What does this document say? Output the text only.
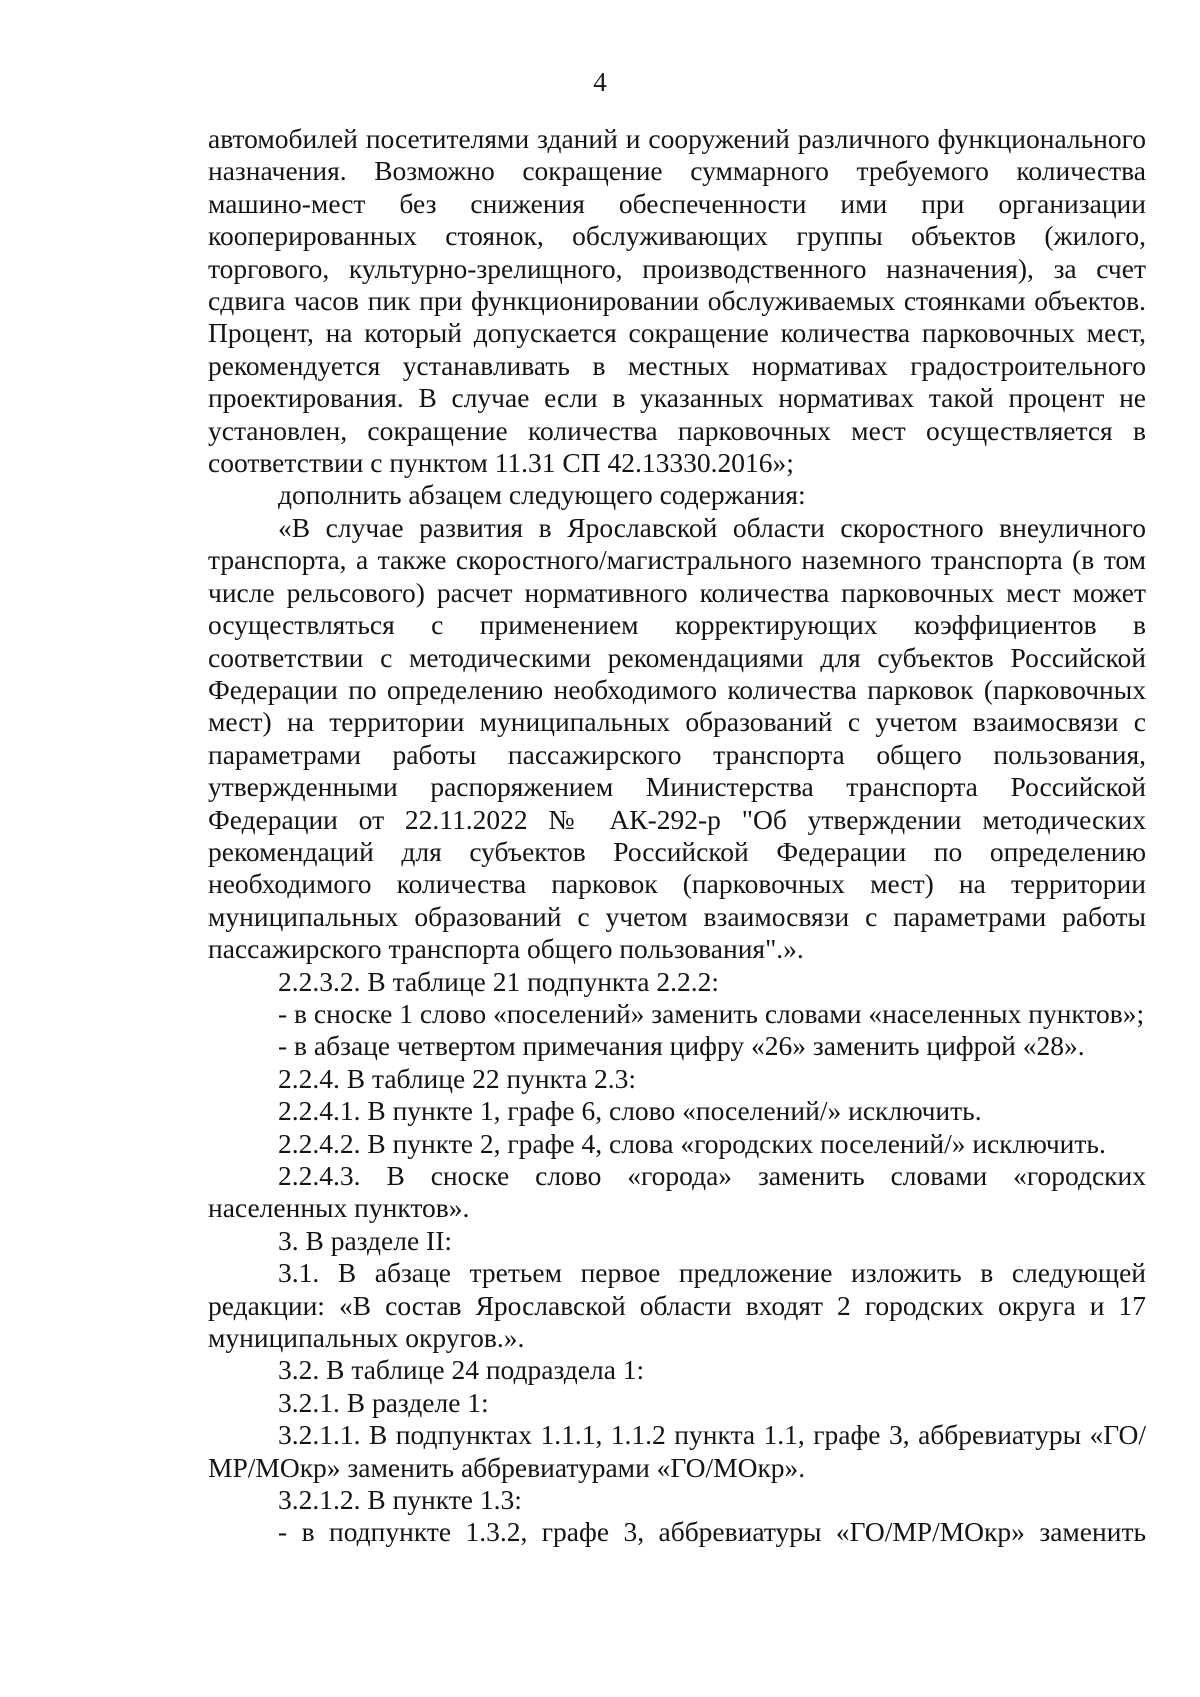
4

автомобилей посетителями зданий и сооружений различного функционального назначения. Возможно сокращение суммарного требуемого количества машино-мест без снижения обеспеченности ими при организации кооперированных стоянок, обслуживающих группы объектов (жилого, торгового, культурно-зрелищного, производственного назначения), за счет сдвига часов пик при функционировании обслуживаемых стоянками объектов. Процент, на который допускается сокращение количества парковочных мест, рекомендуется устанавливать в местных нормативах градостроительного проектирования. В случае если в указанных нормативах такой процент не установлен, сокращение количества парковочных мест осуществляется в соответствии с пунктом 11.31 СП 42.13330.2016»;

дополнить абзацем следующего содержания:

«В случае развития в Ярославской области скоростного внеуличного транспорта, а также скоростного/магистрального наземного транспорта (в том числе рельсового) расчет нормативного количества парковочных мест может осуществляться с применением корректирующих коэффициентов в соответствии с методическими рекомендациями для субъектов Российской Федерации по определению необходимого количества парковок (парковочных мест) на территории муниципальных образований с учетом взаимосвязи с параметрами работы пассажирского транспорта общего пользования, утвержденными распоряжением Министерства транспорта Российской Федерации от 22.11.2022 № АК-292-р "Об утверждении методических рекомендаций для субъектов Российской Федерации по определению необходимого количества парковок (парковочных мест) на территории муниципальных образований с учетом взаимосвязи с параметрами работы пассажирского транспорта общего пользования".».

2.2.3.2. В таблице 21 подпункта 2.2.2:

- в сноске 1 слово «поселений» заменить словами «населенных пунктов»;

- в абзаце четвертом примечания цифру «26» заменить цифрой «28».

2.2.4. В таблице 22 пункта 2.3:

2.2.4.1. В пункте 1, графе 6, слово «поселений/» исключить.

2.2.4.2. В пункте 2, графе 4, слова «городских поселений/» исключить.

2.2.4.3. В сноске слово «города» заменить словами «городских населенных пунктов».

3. В разделе II:

3.1. В абзаце третьем первое предложение изложить в следующей редакции: «В состав Ярославской области входят 2 городских округа и 17 муниципальных округов.».

3.2. В таблице 24 подраздела 1:

3.2.1. В разделе 1:

3.2.1.1. В подпунктах 1.1.1, 1.1.2 пункта 1.1, графе 3, аббревиатуры «ГО/МР/МОкр» заменить аббревиатурами «ГО/МОкр».

3.2.1.2. В пункте 1.3:

- в подпункте 1.3.2, графе 3, аббревиатуры «ГО/МР/МОкр» заменить
